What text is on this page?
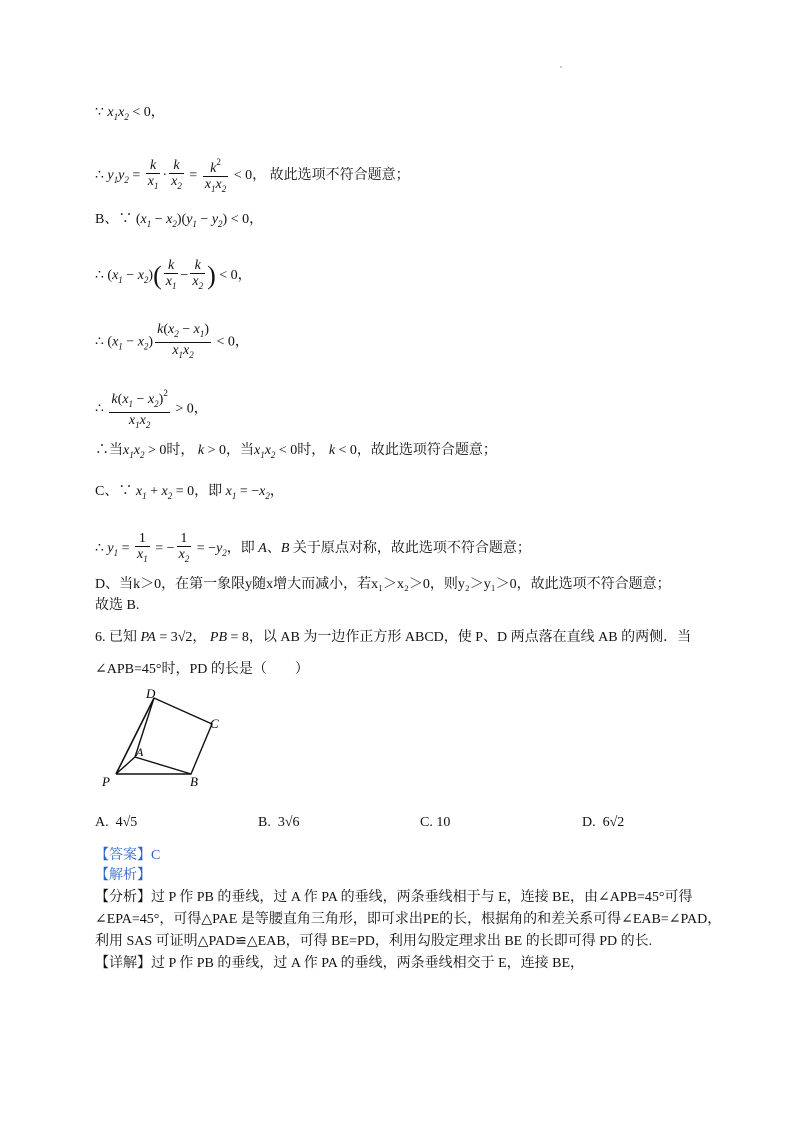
∵ $x_1x_2 < 0$，
∴ $y_1y_2 = \frac{k}{x_1} \cdot \frac{k}{x_2} = \frac{k^2}{x_1x_2} < 0$， 故此选项不符合题意；
B、∵ $(x_1 - x_2)(y_1 - y_2) < 0$，
∴ $(x_1 - x_2)( \frac{k}{x_1} - \frac{k}{x_2}$ ) < 0，
∴ $(x_1 - x_2) \frac{k(x_2 - x_1)}{x_1x_2} < 0$，
∴ $\frac{k(x_1 - x_2)^2}{x_1x_2} > 0$，
∴当$x_1x_2 > 0$时， k > 0，当$x_1x_2 < 0$时， k < 0，故此选项符合题意；
C、∵ $x_1 + x_2 = 0$，即 $x_1 = -x_2$，
∴ $y_1 = \frac{1}{x_1}$ = − $\frac{1}{x_2} = -y_2$，即 A、B 关于原点对称，故此选项不符合题意；
D、当k＞0，在第一象限y随x增大而减小，若x₁＞x₂＞0，则y₂＞y₁＞0，故此选项不符合题意；
故选 B.
6. 已知 PA = 3√2， PB = 8，以 AB 为一边作正方形 ABCD，使 P、D 两点落在直线 AB 的两侧．当
∠APB=45°时，PD 的长是（　　）
D
C
A
P	B
A. 4√5	B. 3√6	C. 10	D. 6√2
【答案】C
【解析】
【分析】过 P 作 PB 的垂线，过 A 作 PA 的垂线，两条垂线相于与 E，连接 BE，由∠APB=45°可得
∠EPA=45°，可得△PAE 是等腰直角三角形，即可求出PE的长，根据角的和差关系可得∠EAB=∠PAD，
利用 SAS 可证明△PAD≌△EAB，可得 BE=PD，利用勾股定理求出 BE 的长即可得 PD 的长.
【详解】过 P 作 PB 的垂线，过 A 作 PA 的垂线，两条垂线相交于 E，连接 BE，
